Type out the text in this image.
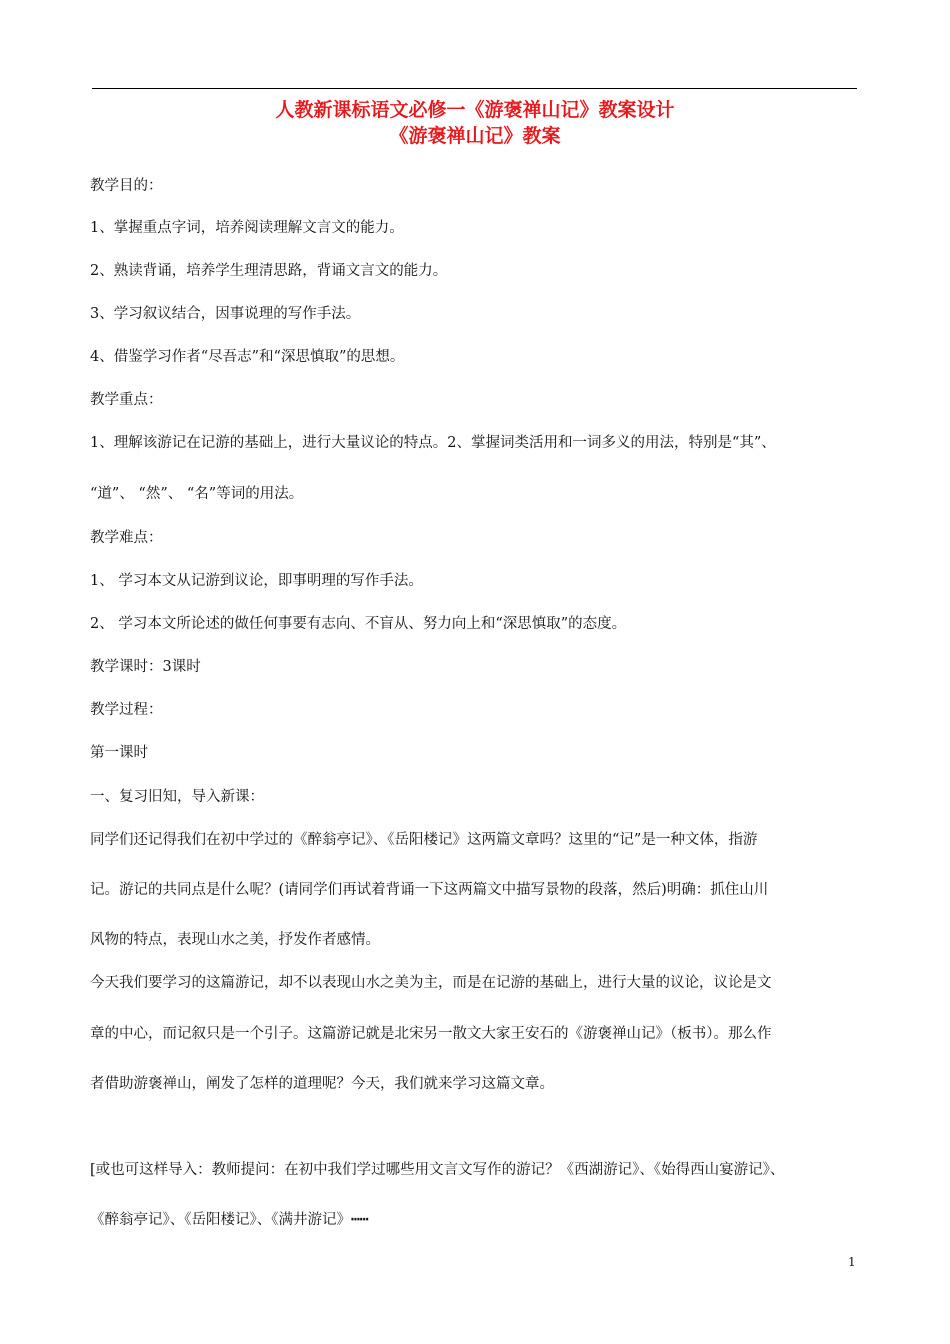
人教新课标语文必修一《游褒禅山记》教案设计
《游褒禅山记》教案
教学目的：
1、掌握重点字词，培养阅读理解文言文的能力。
2、熟读背诵，培养学生理清思路，背诵文言文的能力。
3、学习叙议结合，因事说理的写作手法。
4、借鉴学习作者“尽吾志”和“深思慎取”的思想。
教学重点：
1、理解该游记在记游的基础上，进行大量议论的特点。2、掌握词类活用和一词多义的用法，特别是“其”、
“道”、 “然”、 “名”等词的用法。
教学难点：
1、 学习本文从记游到议论，即事明理的写作手法。
2、 学习本文所论述的做任何事要有志向、不盲从、努力向上和“深思慎取”的态度。
教学课时：3课时
教学过程：
第一课时
一、复习旧知，导入新课：
同学们还记得我们在初中学过的《醉翁亭记》、《岳阳楼记》这两篇文章吗？这里的“记”是一种文体，指游
记。游记的共同点是什么呢？(请同学们再试着背诵一下这两篇文中描写景物的段落，然后)明确：抓住山川
风物的特点，表现山水之美，抒发作者感情。
今天我们要学习的这篇游记，却不以表现山水之美为主，而是在记游的基础上，进行大量的议论，议论是文
章的中心，而记叙只是一个引子。这篇游记就是北宋另一散文大家王安石的《游褒禅山记》（板书）。那么作
者借助游褒禅山，阐发了怎样的道理呢？今天，我们就来学习这篇文章。
[或也可这样导入：教师提问：在初中我们学过哪些用文言文写作的游记？《西湖游记》、《始得西山宴游记》、
《醉翁亭记》、《岳阳楼记》、《满井游记》┅┅
1
